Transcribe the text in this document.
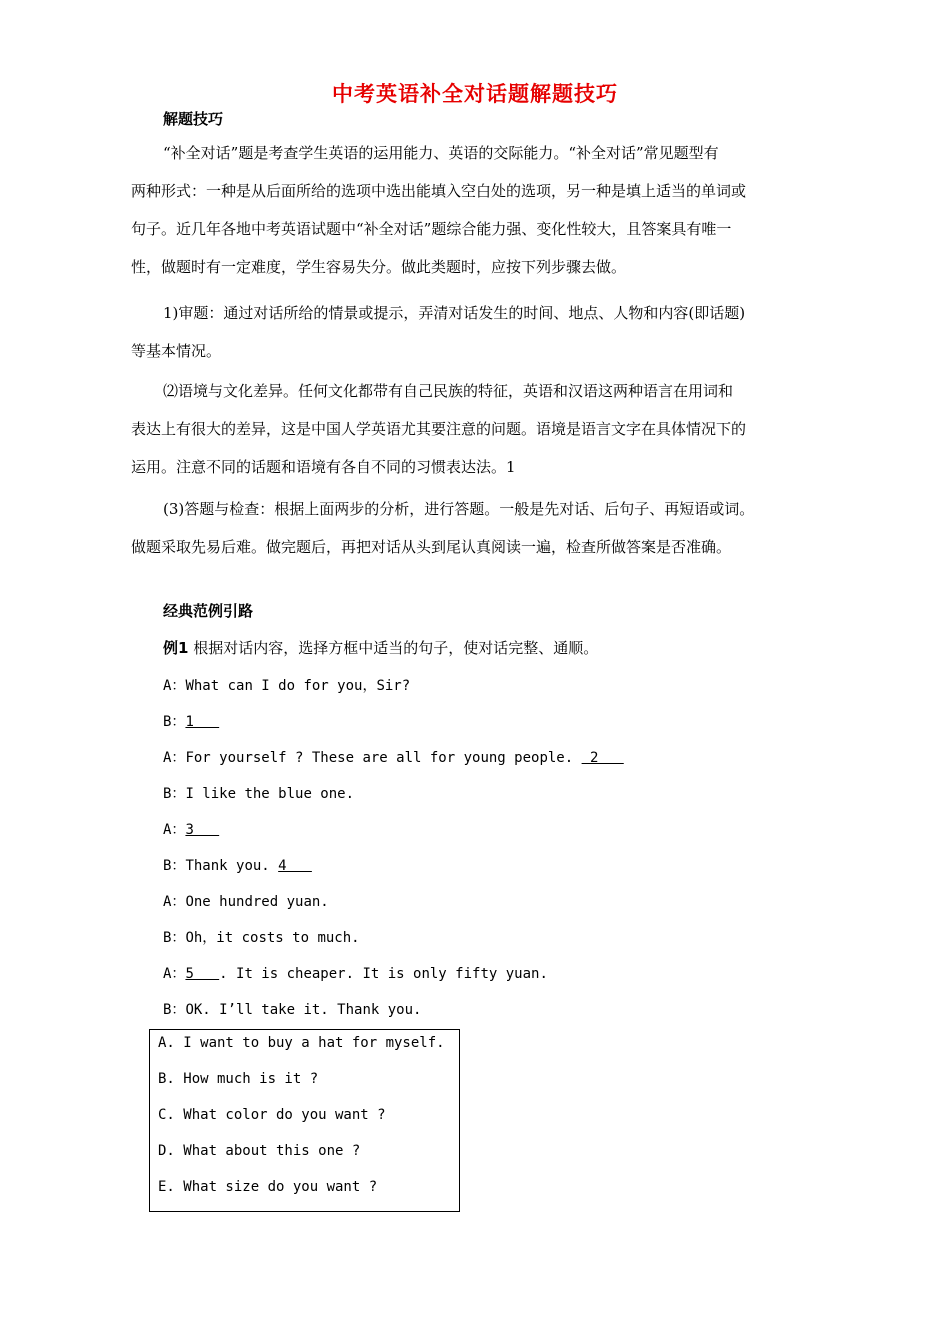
中考英语补全对话题解题技巧
解题技巧
“补全对话”题是考查学生英语的运用能力、英语的交际能力。“补全对话”常见题型有
两种形式：一种是从后面所给的选项中选出能填入空白处的选项，另一种是填上适当的单词或
句子。近几年各地中考英语试题中“补全对话”题综合能力强、变化性较大，且答案具有唯一
性，做题时有一定难度，学生容易失分。做此类题时，应按下列步骤去做。
1)审题：通过对话所给的情景或提示，弄清对话发生的时间、地点、人物和内容(即话题)
等基本情况。
⑵语境与文化差异。任何文化都带有自己民族的特征，英语和汉语这两种语言在用词和
表达上有很大的差异，这是中国人学英语尤其要注意的问题。语境是语言文字在具体情况下的
运用。注意不同的话题和语境有各自不同的习惯表达法。1
(3)答题与检查：根据上面两步的分析，进行答题。一般是先对话、后句子、再短语或词。
做题采取先易后难。做完题后，再把对话从头到尾认真阅读一遍，检查所做答案是否准确。
经典范例引路
例1 根据对话内容，选择方框中适当的句子，使对话完整、通顺。
A：What can I do for you，Sir?
B：1
A：For yourself ? These are all for young people.  2
B：I like the blue one.
A：3
B：Thank you. 4
A：One hundred yuan.
B：Oh，it costs to much.
A：5   . It is cheaper. It is only fifty yuan.
B：OK. I’ll take it. Thank you.
A. I want to buy a hat for myself.
B. How much is it ?
C. What color do you want ?
D. What about this one ?
E. What size do you want ?
